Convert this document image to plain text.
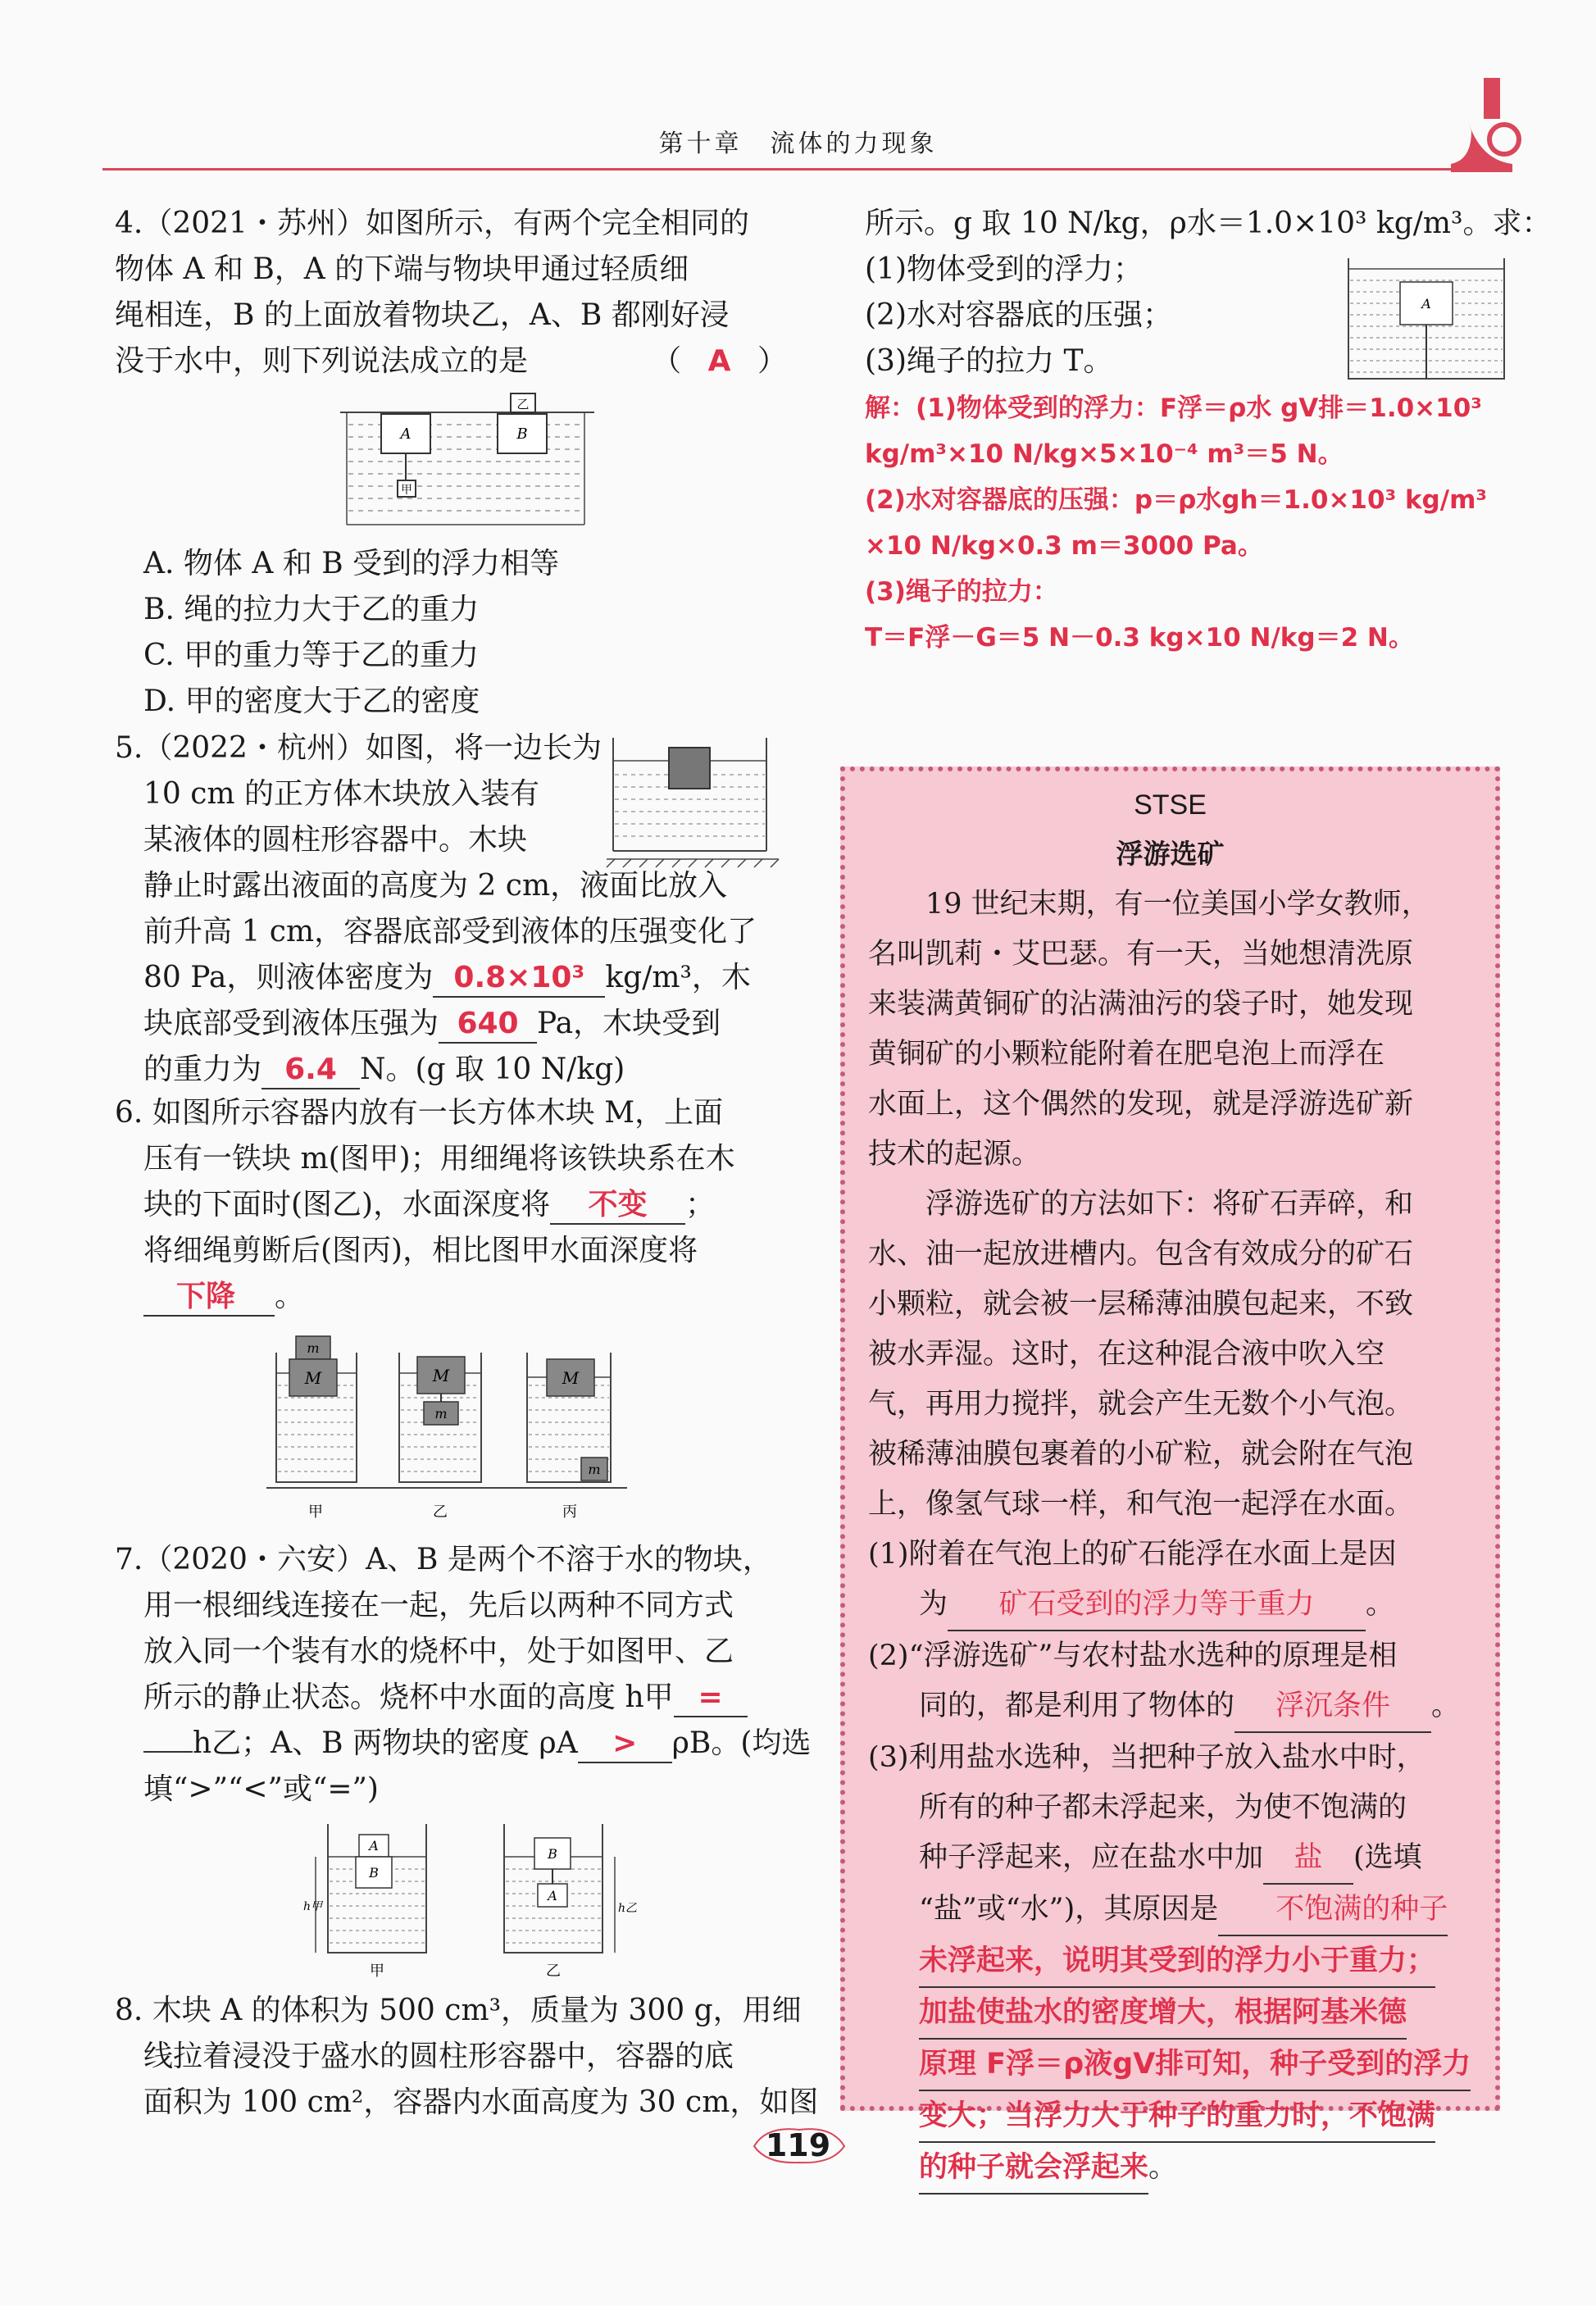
第十章　流体的力现象
4.（2021・苏州）如图所示，有两个完全相同的
物体 A 和 B，A 的下端与物块甲通过轻质细
绳相连，B 的上面放着物块乙，A、B 都刚好浸
没于水中，则下列说法成立的是	（ A ）
A
甲
B
乙
A. 物体 A 和 B 受到的浮力相等
B. 绳的拉力大于乙的重力
C. 甲的重力等于乙的重力
D. 甲的密度大于乙的密度
5.（2022・杭州）如图，将一边长为
10 cm 的正方体木块放入装有
某液体的圆柱形容器中。木块
静止时露出液面的高度为 2 cm，液面比放入
前升高 1 cm，容器底部受到液体的压强变化了
80 Pa，则液体密度为 0.8×10³ kg/m³，木
块底部受到液体压强为 640 Pa，木块受到
的重力为 6.4 N。(g 取 10 N/kg)
6. 如图所示容器内放有一长方体木块 M，上面
压有一铁块 m(图甲)；用细绳将该铁块系在木
块的下面时(图乙)，水面深度将 不变 ；
将细绳剪断后(图丙)，相比图甲水面深度将
下降 。
m
M	M
m
M
m
甲	乙	丙
7.（2020・六安）A、B 是两个不溶于水的物块，
用一根细线连接在一起，先后以两种不同方式
放入同一个装有水的烧杯中，处于如图甲、乙
所示的静止状态。烧杯中水面的高度 h甲 =
h乙；A、B 两物块的密度 ρA > ρB。(均选
填“>”“<”或“=”)
A
B
h甲
B
A
h乙
甲	乙
8. 木块 A 的体积为 500 cm³，质量为 300 g，用细
线拉着浸没于盛水的圆柱形容器中，容器的底
面积为 100 cm²，容器内水面高度为 30 cm，如图
所示。g 取 10 N/kg，ρ水＝1.0×10³ kg/m³。求：
(1)物体受到的浮力；
(2)水对容器底的压强；
(3)绳子的拉力 T。
A
解：(1)物体受到的浮力：F浮＝ρ水 gV排＝1.0×10³
kg/m³×10 N/kg×5×10⁻⁴ m³＝5 N。
(2)水对容器底的压强：p＝ρ水gh＝1.0×10³ kg/m³
×10 N/kg×0.3 m＝3000 Pa。
(3)绳子的拉力：
T＝F浮－G＝5 N－0.3 kg×10 N/kg＝2 N。
STSE
浮游选矿
　　19 世纪末期，有一位美国小学女教师，
名叫凯莉・艾巴瑟。有一天，当她想清洗原
来装满黄铜矿的沾满油污的袋子时，她发现
黄铜矿的小颗粒能附着在肥皂泡上而浮在
水面上，这个偶然的发现，就是浮游选矿新
技术的起源。
　　浮游选矿的方法如下：将矿石弄碎，和
水、油一起放进槽内。包含有效成分的矿石
小颗粒，就会被一层稀薄油膜包起来，不致
被水弄湿。这时，在这种混合液中吹入空
气，再用力搅拌，就会产生无数个小气泡。
被稀薄油膜包裹着的小矿粒，就会附在气泡
上，像氢气球一样，和气泡一起浮在水面。
(1)附着在气泡上的矿石能浮在水面上是因
为 矿石受到的浮力等于重力 。
(2)“浮游选矿”与农村盐水选种的原理是相
同的，都是利用了物体的 浮沉条件 。
(3)利用盐水选种，当把种子放入盐水中时，
所有的种子都未浮起来，为使不饱满的
种子浮起来，应在盐水中加 盐 (选填
“盐”或“水”)，其原因是 不饱满的种子
未浮起来，说明其受到的浮力小于重力；
加盐使盐水的密度增大，根据阿基米德
原理 F浮＝ρ液gV排可知，种子受到的浮力
变大；当浮力大于种子的重力时，不饱满
的种子就会浮起来。
119
